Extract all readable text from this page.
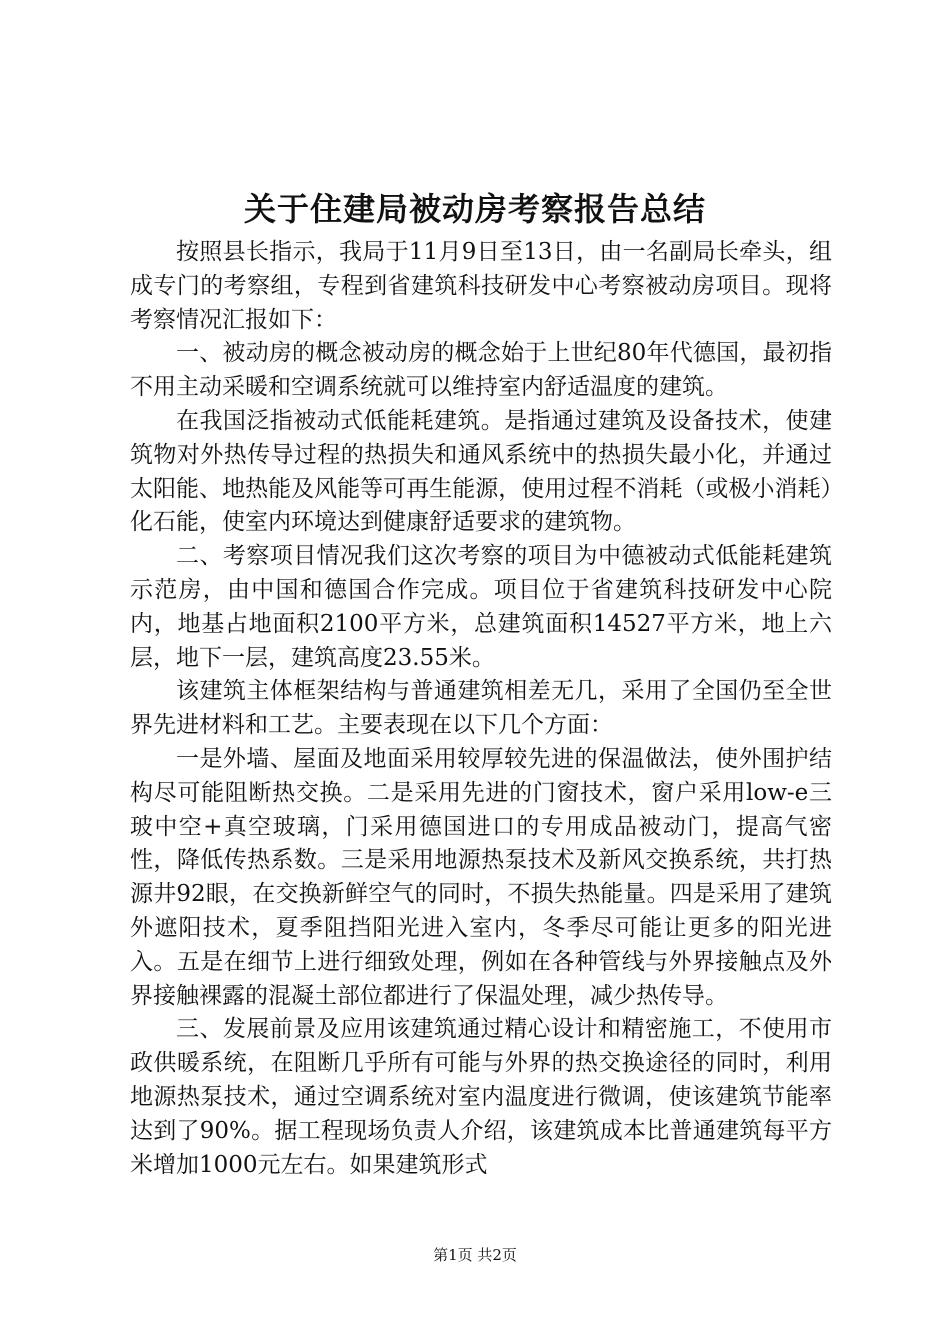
关于住建局被动房考察报告总结

按照县长指示，我局于11月9日至13日，由一名副局长牵头，组成专门的考察组，专程到省建筑科技研发中心考察被动房项目。现将考察情况汇报如下：

一、被动房的概念被动房的概念始于上世纪80年代德国，最初指不用主动采暖和空调系统就可以维持室内舒适温度的建筑。

在我国泛指被动式低能耗建筑。是指通过建筑及设备技术，使建筑物对外热传导过程的热损失和通风系统中的热损失最小化，并通过太阳能、地热能及风能等可再生能源，使用过程不消耗（或极小消耗）化石能，使室内环境达到健康舒适要求的建筑物。

二、考察项目情况我们这次考察的项目为中德被动式低能耗建筑示范房，由中国和德国合作完成。项目位于省建筑科技研发中心院内，地基占地面积2100平方米，总建筑面积14527平方米，地上六层，地下一层，建筑高度23.55米。

该建筑主体框架结构与普通建筑相差无几，采用了全国仍至全世界先进材料和工艺。主要表现在以下几个方面：

一是外墙、屋面及地面采用较厚较先进的保温做法，使外围护结构尽可能阻断热交换。二是采用先进的门窗技术，窗户采用low-e三玻中空+真空玻璃，门采用德国进口的专用成品被动门，提高气密性，降低传热系数。三是采用地源热泵技术及新风交换系统，共打热源井92眼，在交换新鲜空气的同时，不损失热能量。四是采用了建筑外遮阳技术，夏季阻挡阳光进入室内，冬季尽可能让更多的阳光进入。五是在细节上进行细致处理，例如在各种管线与外界接触点及外界接触裸露的混凝土部位都进行了保温处理，减少热传导。

三、发展前景及应用该建筑通过精心设计和精密施工，不使用市政供暖系统，在阻断几乎所有可能与外界的热交换途径的同时，利用地源热泵技术，通过空调系统对室内温度进行微调，使该建筑节能率达到了90%。据工程现场负责人介绍，该建筑成本比普通建筑每平方米增加1000元左右。如果建筑形式

第1页 共2页
